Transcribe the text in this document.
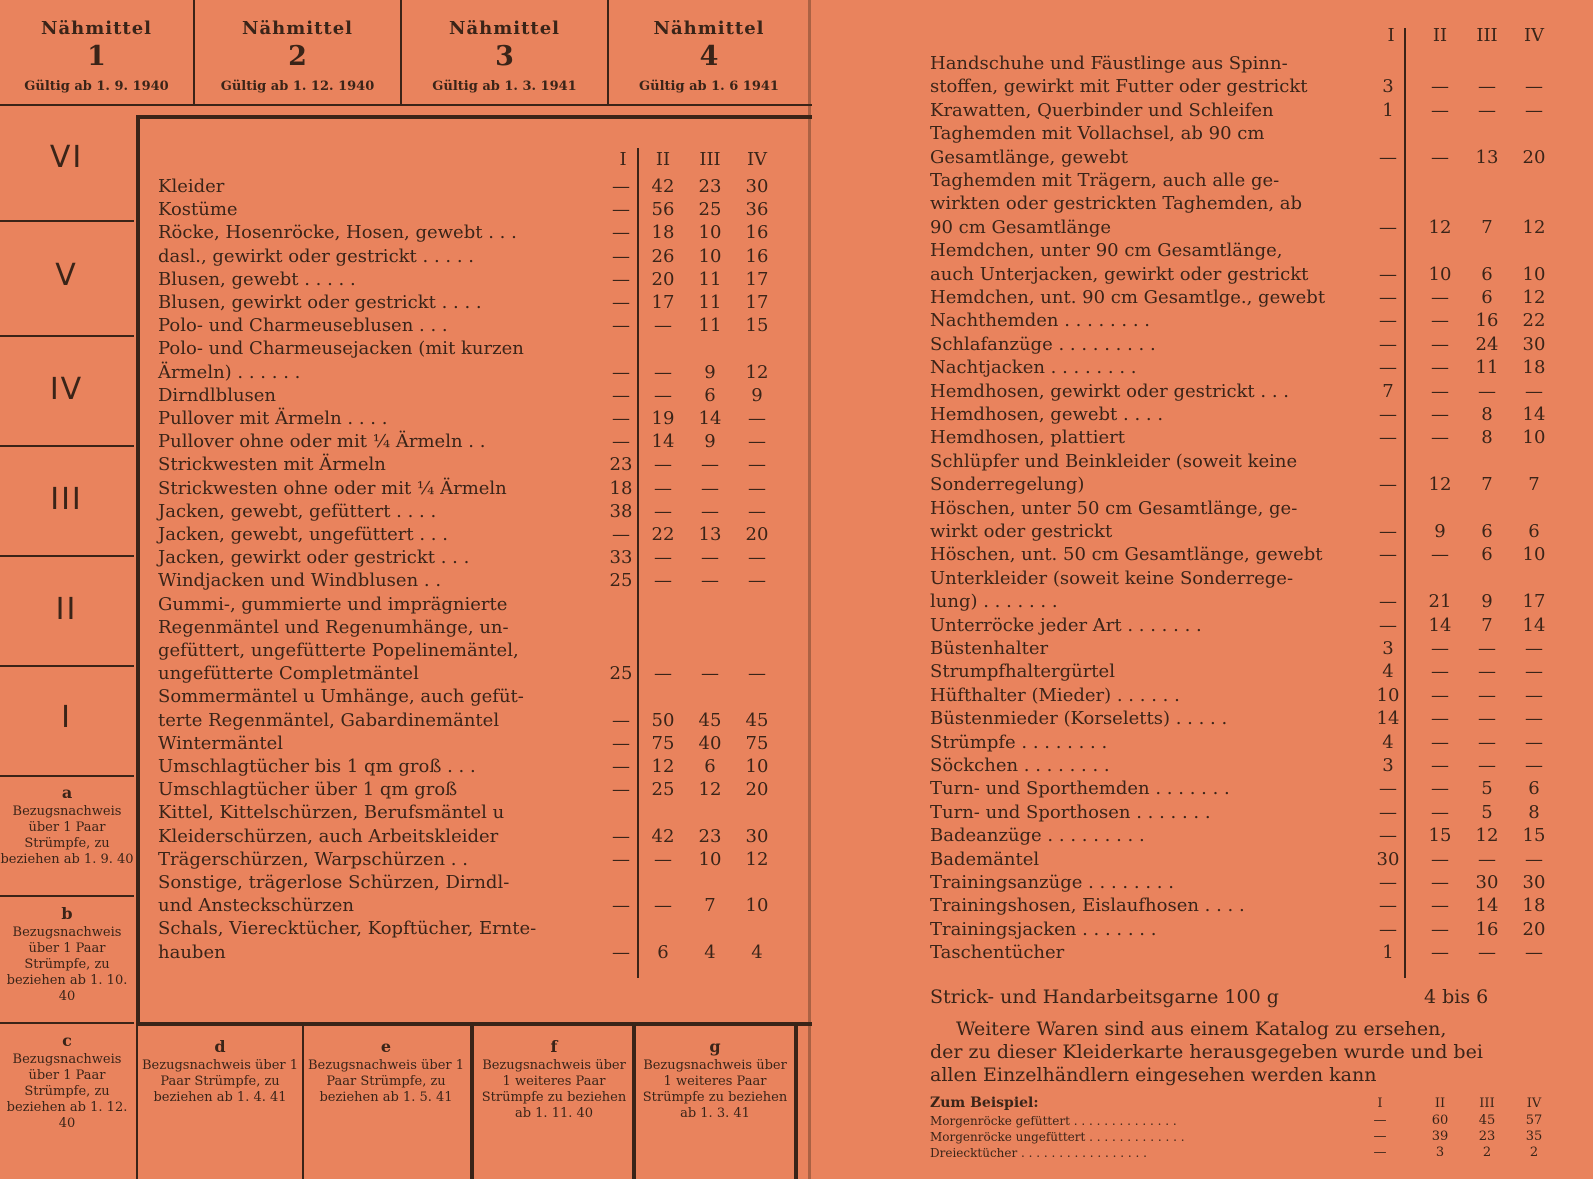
Nähmittel
1
Gültig ab 1. 9. 1940
Nähmittel
2
Gültig ab 1. 12. 1940
Nähmittel
3
Gültig ab 1. 3. 1941
Nähmittel
4
Gültig ab 1. 6 1941
VI
V
IV
III
II
I
a
Bezugsnachweis über 1 Paar Strümpfe, zu beziehen ab 1. 9. 40
b
Bezugsnachweis über 1 Paar Strümpfe, zu beziehen ab 1. 10. 40
c
Bezugsnachweis über 1 Paar Strümpfe, zu beziehen ab 1. 12. 40
d
Bezugsnachweis über 1 Paar Strümpfe, zu beziehen ab 1. 4. 41
e
Bezugsnachweis über 1 Paar Strümpfe, zu beziehen ab 1. 5. 41
f
Bezugsnachweis über 1 weiteres Paar Strümpfe zu beziehen ab 1. 11. 40
g
Bezugsnachweis über 1 weiteres Paar Strümpfe zu beziehen ab 1. 3. 41
I	II	III	IV
Kleider	—	42	23	30
Kostüme	—	56	25	36
Röcke, Hosenröcke, Hosen, gewebt . . .	—	18	10	16
dasl., gewirkt oder gestrickt . . . . .	—	26	10	16
Blusen, gewebt . . . . .	—	20	11	17
Blusen, gewirkt oder gestrickt . . . .	—	17	11	17
Polo- und Charmeuseblusen . . .	—	—	11	15
Polo- und Charmeusejacken (mit kurzen
Ärmeln) . . . . . .	—	—	9	12
Dirndlblusen	—	—	6	9
Pullover mit Ärmeln . . . .	—	19	14	—
Pullover ohne oder mit ¼ Ärmeln . .	—	14	9	—
Strickwesten mit Ärmeln	23	—	—	—
Strickwesten ohne oder mit ¼ Ärmeln	18	—	—	—
Jacken, gewebt, gefüttert . . . .	38	—	—	—
Jacken, gewebt, ungefüttert . . .	—	22	13	20
Jacken, gewirkt oder gestrickt . . .	33	—	—	—
Windjacken und Windblusen . .	25	—	—	—
Gummi-, gummierte und imprägnierte
Regenmäntel und Regenumhänge, un-
gefüttert, ungefütterte Popelinemäntel,
ungefütterte Completmäntel	25	—	—	—
Sommermäntel u Umhänge, auch gefüt-
terte Regenmäntel, Gabardinemäntel	—	50	45	45
Wintermäntel	—	75	40	75
Umschlagtücher bis 1 qm groß . . .	—	12	6	10
Umschlagtücher über 1 qm groß	—	25	12	20
Kittel, Kittelschürzen, Berufsmäntel u
Kleiderschürzen, auch Arbeitskleider	—	42	23	30
Trägerschürzen, Warpschürzen . .	—	—	10	12
Sonstige, trägerlose Schürzen, Dirndl-
und Ansteckschürzen	—	—	7	10
Schals, Vierecktücher, Kopftücher, Ernte-
hauben	—	6	4	4
I	II	III	IV
Handschuhe und Fäustlinge aus Spinn-
stoffen, gewirkt mit Futter oder gestrickt	3	—	—	—
Krawatten, Querbinder und Schleifen	1	—	—	—
Taghemden mit Vollachsel, ab 90 cm
Gesamtlänge, gewebt	—	—	13	20
Taghemden mit Trägern, auch alle ge-
wirkten oder gestrickten Taghemden, ab
90 cm Gesamtlänge	—	12	7	12
Hemdchen, unter 90 cm Gesamtlänge,
auch Unterjacken, gewirkt oder gestrickt	—	10	6	10
Hemdchen, unt. 90 cm Gesamtlge., gewebt	—	—	6	12
Nachthemden . . . . . . . .	—	—	16	22
Schlafanzüge . . . . . . . . .	—	—	24	30
Nachtjacken . . . . . . . .	—	—	11	18
Hemdhosen, gewirkt oder gestrickt . . .	7	—	—	—
Hemdhosen, gewebt . . . .	—	—	8	14
Hemdhosen, plattiert	—	—	8	10
Schlüpfer und Beinkleider (soweit keine
Sonderregelung)	—	12	7	7
Höschen, unter 50 cm Gesamtlänge, ge-
wirkt oder gestrickt	—	9	6	6
Höschen, unt. 50 cm Gesamtlänge, gewebt	—	—	6	10
Unterkleider (soweit keine Sonderrege-
lung) . . . . . . .	—	21	9	17
Unterröcke jeder Art . . . . . . .	—	14	7	14
Büstenhalter	3	—	—	—
Strumpfhaltergürtel	4	—	—	—
Hüfthalter (Mieder) . . . . . .	10	—	—	—
Büstenmieder (Korseletts) . . . . .	14	—	—	—
Strümpfe . . . . . . . .	4	—	—	—
Söckchen . . . . . . . .	3	—	—	—
Turn- und Sporthemden . . . . . . .	—	—	5	6
Turn- und Sporthosen . . . . . . .	—	—	5	8
Badeanzüge . . . . . . . . .	—	15	12	15
Bademäntel	30	—	—	—
Trainingsanzüge . . . . . . . .	—	—	30	30
Trainingshosen, Eislaufhosen . . . .	—	—	14	18
Trainingsjacken . . . . . . .	—	—	16	20
Taschentücher	1	—	—	—
Strick- und Handarbeitsgarne 100 g	4 bis 6
Weitere Waren sind aus einem Katalog zu ersehen,
der zu dieser Kleiderkarte herausgegeben wurde und bei
allen Einzelhändlern eingesehen werden kann
Zum Beispiel:	I	II	III	IV
Morgenröcke gefüttert . . . . . . . . . . . . . .	—	60	45	57
Morgenröcke ungefüttert . . . . . . . . . . . . .	—	39	23	35
Dreiecktücher . . . . . . . . . . . . . . . . .	—	3	2	2
